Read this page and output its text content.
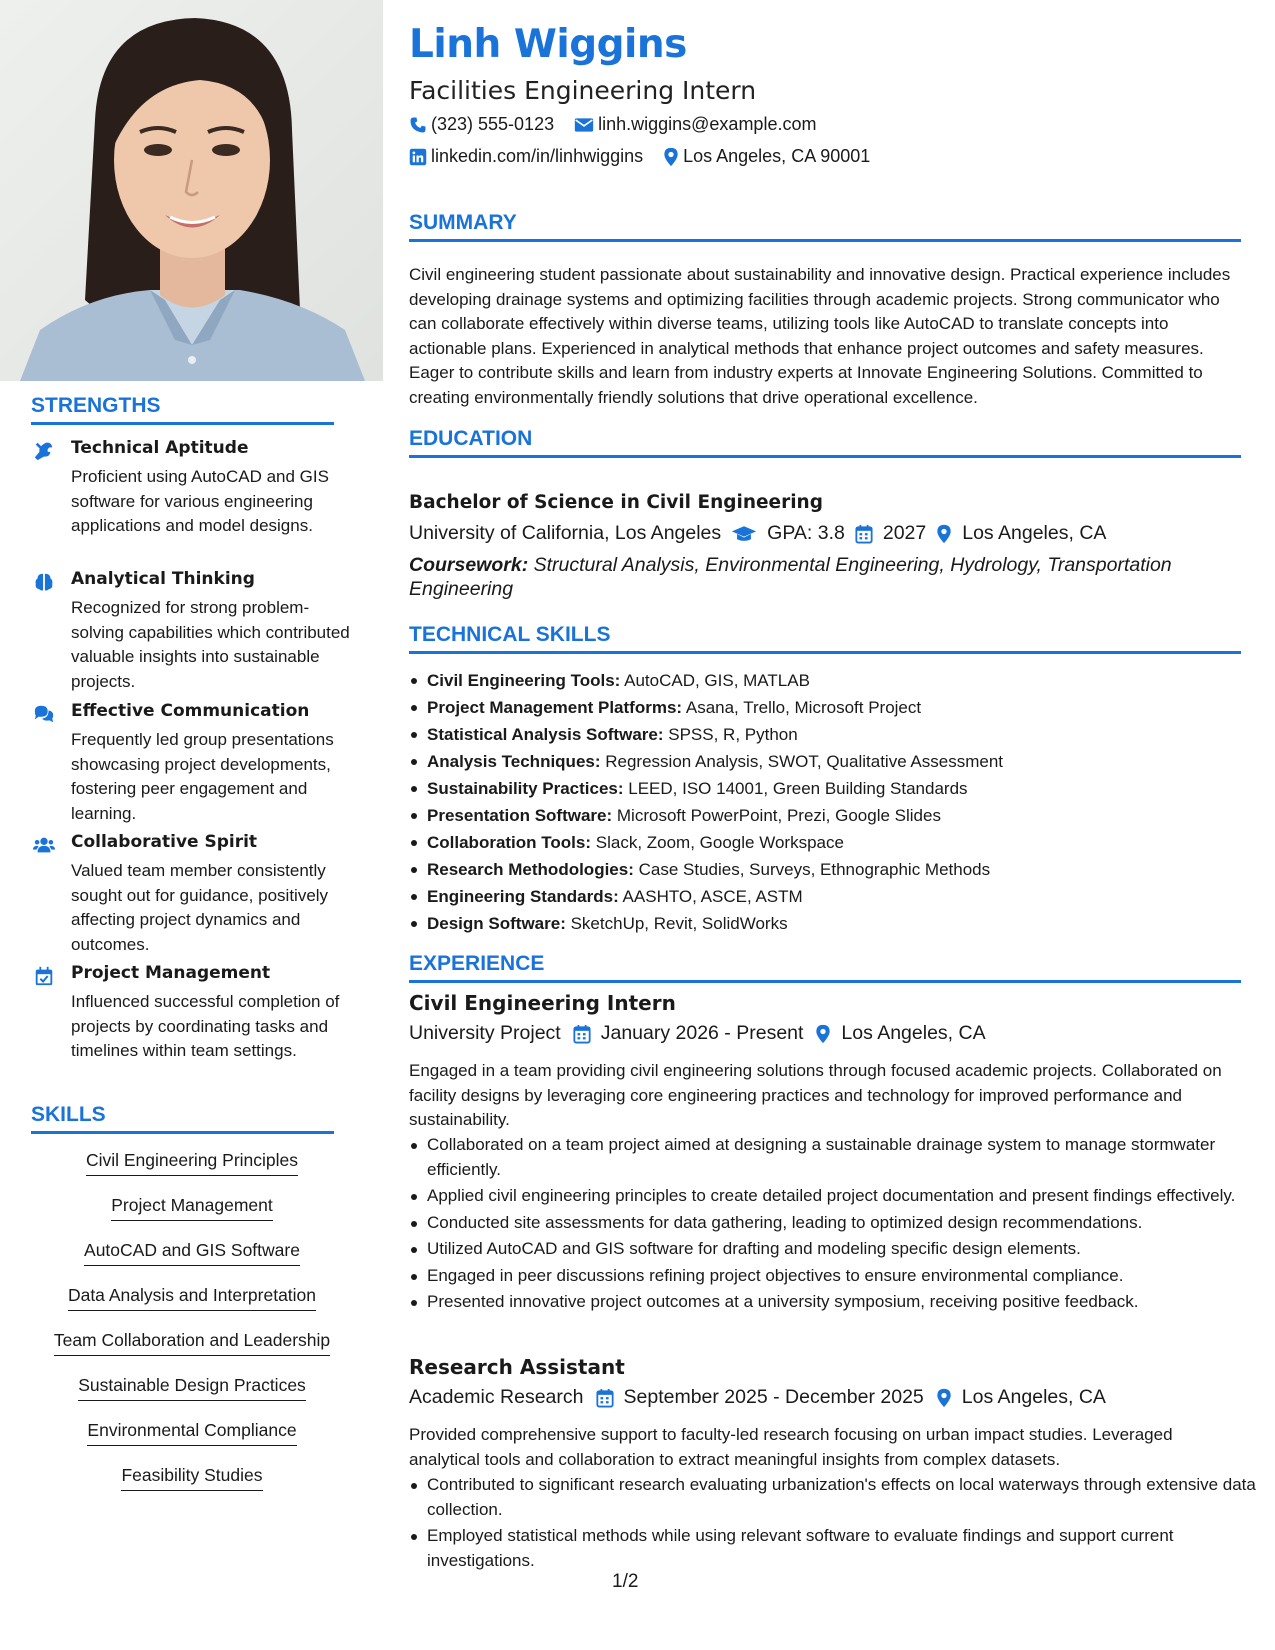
STRENGTHS
Technical Aptitude
Proficient using AutoCAD and GIS software for various engineering applications and model designs.
Analytical Thinking
Recognized for strong problem-solving capabilities which contributed valuable insights into sustainable projects.
Effective Communication
Frequently led group presentations showcasing project developments, fostering peer engagement and learning.
Collaborative Spirit
Valued team member consistently sought out for guidance, positively affecting project dynamics and outcomes.
Project Management
Influenced successful completion of projects by coordinating tasks and timelines within team settings.
SKILLS
Civil Engineering Principles
Project Management
AutoCAD and GIS Software
Data Analysis and Interpretation
Team Collaboration and Leadership
Sustainable Design Practices
Environmental Compliance
Feasibility Studies
Linh Wiggins
Facilities Engineering Intern
(323) 555-0123 linh.wiggins@example.com
linkedin.com/in/linhwiggins Los Angeles, CA 90001
SUMMARY
Civil engineering student passionate about sustainability and innovative design. Practical experience includes developing drainage systems and optimizing facilities through academic projects. Strong communicator who can collaborate effectively within diverse teams, utilizing tools like AutoCAD to translate concepts into actionable plans. Experienced in analytical methods that enhance project outcomes and safety measures. Eager to contribute skills and learn from industry experts at Innovate Engineering Solutions. Committed to creating environmentally friendly solutions that drive operational excellence.
EDUCATION
Bachelor of Science in Civil Engineering
University of California, Los Angeles GPA: 3.8 2027 Los Angeles, CA
Coursework: Structural Analysis, Environmental Engineering, Hydrology, Transportation Engineering
TECHNICAL SKILLS
Civil Engineering Tools: AutoCAD, GIS, MATLAB
Project Management Platforms: Asana, Trello, Microsoft Project
Statistical Analysis Software: SPSS, R, Python
Analysis Techniques: Regression Analysis, SWOT, Qualitative Assessment
Sustainability Practices: LEED, ISO 14001, Green Building Standards
Presentation Software: Microsoft PowerPoint, Prezi, Google Slides
Collaboration Tools: Slack, Zoom, Google Workspace
Research Methodologies: Case Studies, Surveys, Ethnographic Methods
Engineering Standards: AASHTO, ASCE, ASTM
Design Software: SketchUp, Revit, SolidWorks
EXPERIENCE
Civil Engineering Intern
University Project January 2026 - Present Los Angeles, CA
Engaged in a team providing civil engineering solutions through focused academic projects. Collaborated on facility designs by leveraging core engineering practices and technology for improved performance and sustainability.
Collaborated on a team project aimed at designing a sustainable drainage system to manage stormwater efficiently.
Applied civil engineering principles to create detailed project documentation and present findings effectively.
Conducted site assessments for data gathering, leading to optimized design recommendations.
Utilized AutoCAD and GIS software for drafting and modeling specific design elements.
Engaged in peer discussions refining project objectives to ensure environmental compliance.
Presented innovative project outcomes at a university symposium, receiving positive feedback.
Research Assistant
Academic Research September 2025 - December 2025 Los Angeles, CA
Provided comprehensive support to faculty-led research focusing on urban impact studies. Leveraged analytical tools and collaboration to extract meaningful insights from complex datasets.
Contributed to significant research evaluating urbanization's effects on local waterways through extensive data collection.
Employed statistical methods while using relevant software to evaluate findings and support current investigations.
1/2
